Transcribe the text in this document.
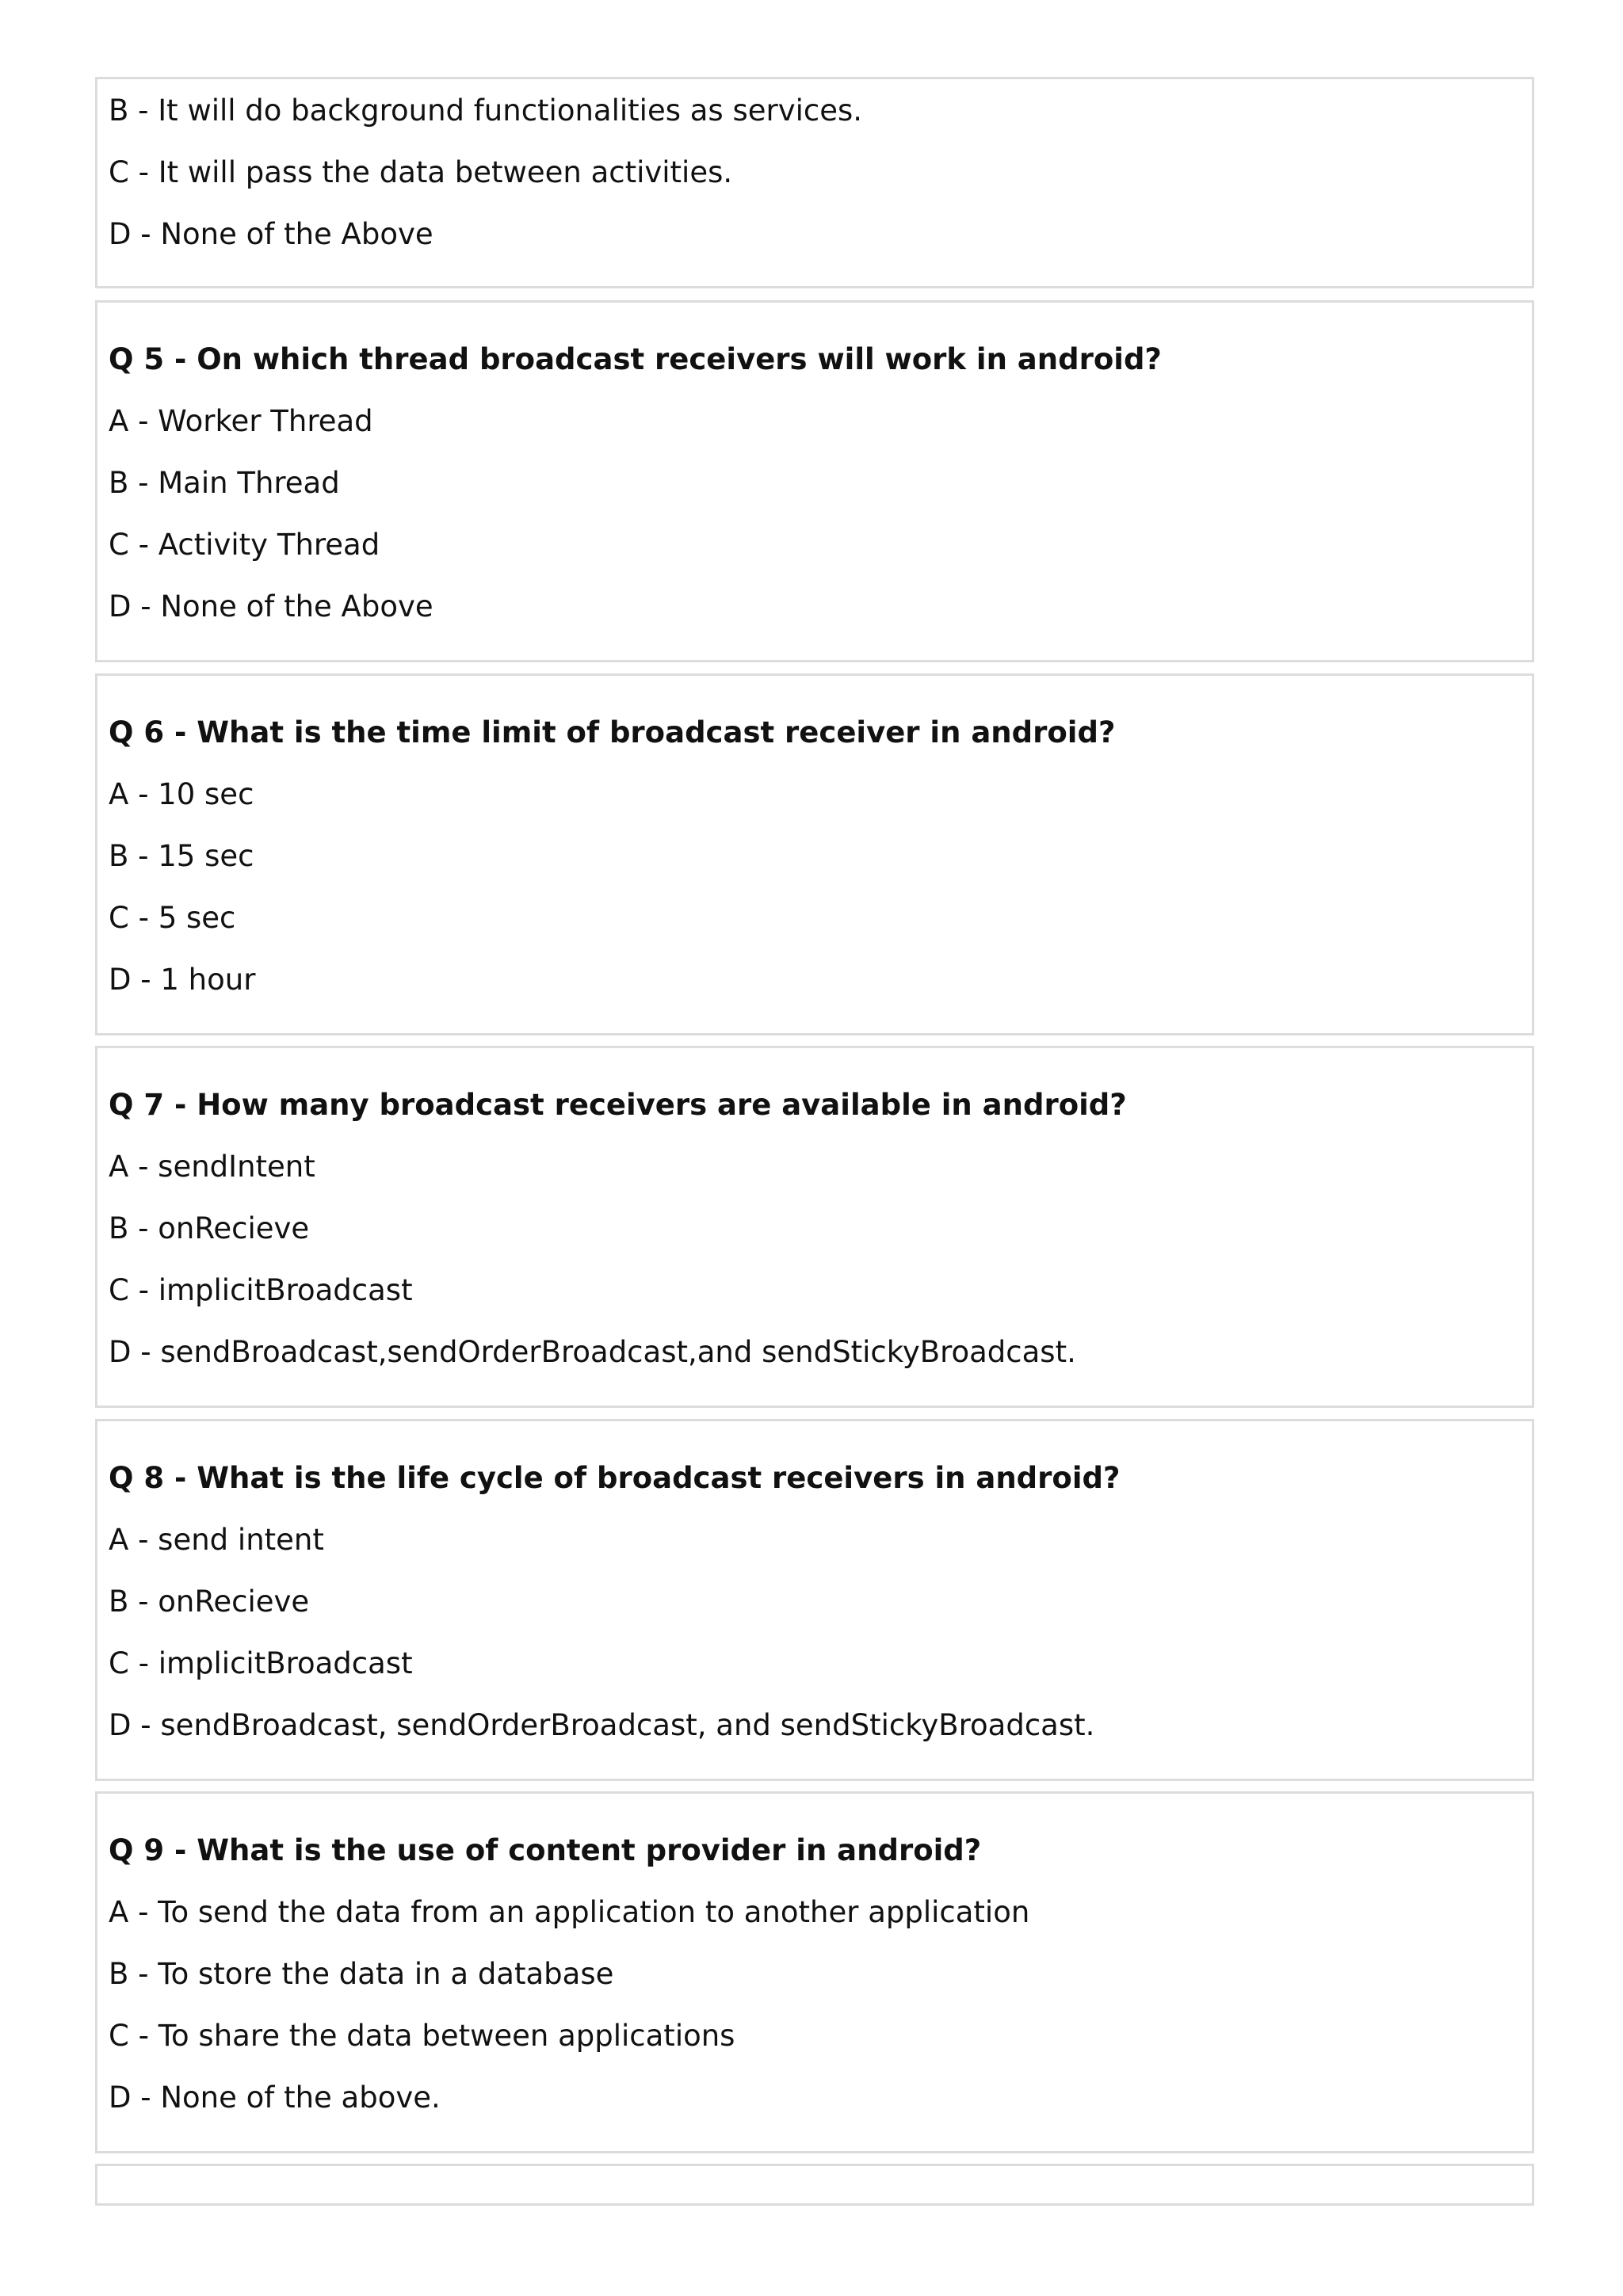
B - It will do background functionalities as services.
C - It will pass the data between activities.
D - None of the Above
Q 5 - On which thread broadcast receivers will work in android?
A - Worker Thread
B - Main Thread
C - Activity Thread
D - None of the Above
Q 6 - What is the time limit of broadcast receiver in android?
A - 10 sec
B - 15 sec
C - 5 sec
D - 1 hour
Q 7 - How many broadcast receivers are available in android?
A - sendIntent
B - onRecieve
C - implicitBroadcast
D - sendBroadcast,sendOrderBroadcast,and sendStickyBroadcast.
Q 8 - What is the life cycle of broadcast receivers in android?
A - send intent
B - onRecieve
C - implicitBroadcast
D - sendBroadcast, sendOrderBroadcast, and sendStickyBroadcast.
Q 9 - What is the use of content provider in android?
A - To send the data from an application to another application
B - To store the data in a database
C - To share the data between applications
D - None of the above.
